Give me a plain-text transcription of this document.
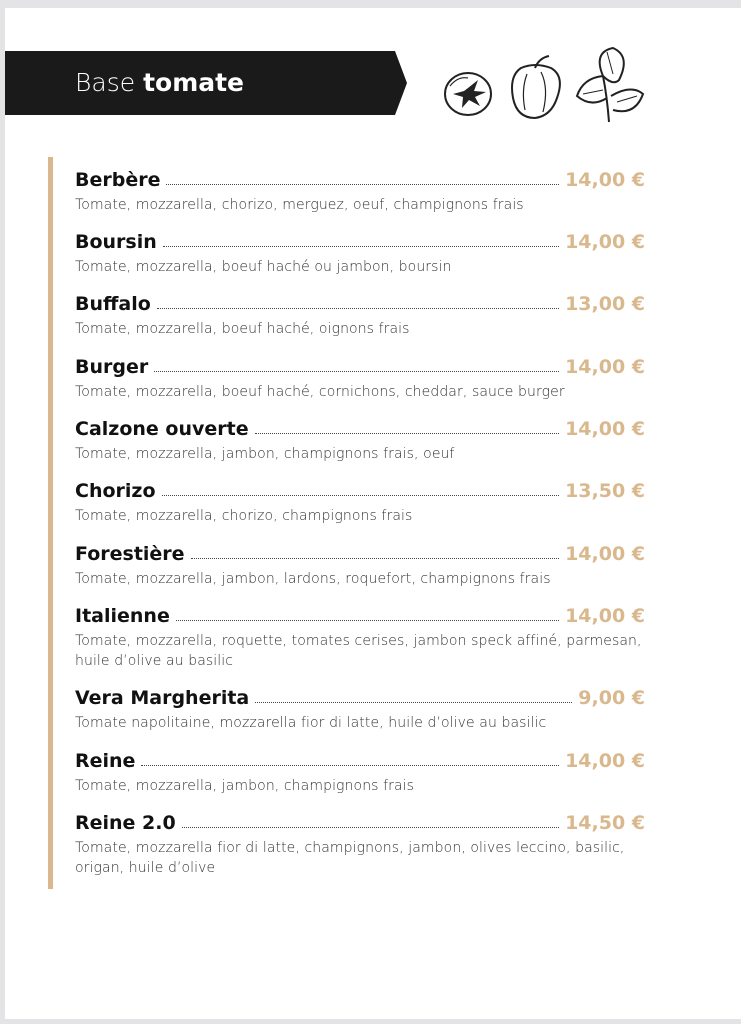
Base tomate
Berbère	14,00 €
Tomate, mozzarella, chorizo, merguez, oeuf, champignons frais
Boursin	14,00 €
Tomate, mozzarella, boeuf haché ou jambon, boursin
Buffalo	13,00 €
Tomate, mozzarella, boeuf haché, oignons frais
Burger	14,00 €
Tomate, mozzarella, boeuf haché, cornichons, cheddar, sauce burger
Calzone ouverte	14,00 €
Tomate, mozzarella, jambon, champignons frais, oeuf
Chorizo	13,50 €
Tomate, mozzarella, chorizo, champignons frais
Forestière	14,00 €
Tomate, mozzarella, jambon, lardons, roquefort, champignons frais
Italienne	14,00 €
Tomate, mozzarella, roquette, tomates cerises, jambon speck affiné, parmesan, huile d’olive au basilic
Vera Margherita	9,00 €
Tomate napolitaine, mozzarella fior di latte, huile d’olive au basilic
Reine	14,00 €
Tomate, mozzarella, jambon, champignons frais
Reine 2.0	14,50 €
Tomate, mozzarella fior di latte, champignons, jambon, olives leccino, basilic, origan, huile d’olive
